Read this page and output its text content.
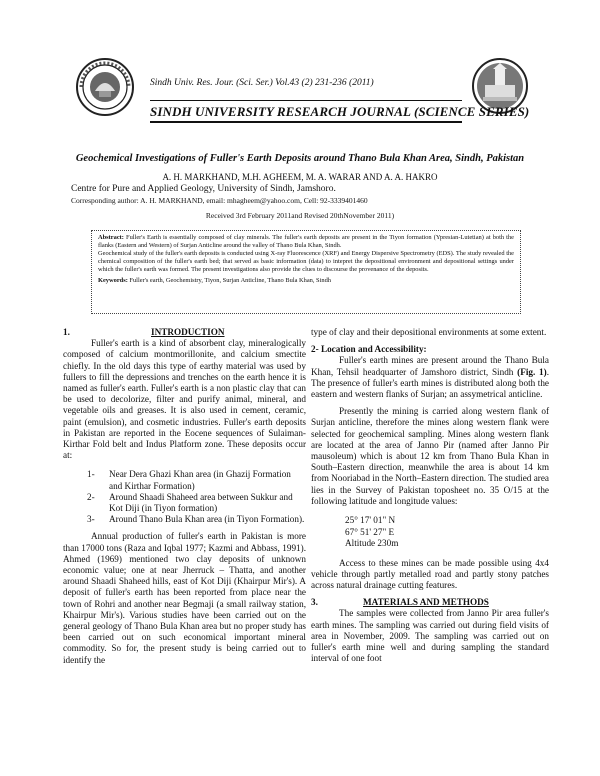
Sindh Univ. Res. Jour. (Sci. Ser.) Vol.43 (2) 231-236 (2011)
SINDH UNIVERSITY RESEARCH JOURNAL (SCIENCE SERIES)
Geochemical Investigations of Fuller's Earth Deposits around Thano Bula Khan Area, Sindh, Pakistan
A. H. MARKHAND, M.H. AGHEEM, M. A. WARAR AND A. A. HAKRO
Centre for Pure and Applied Geology, University of Sindh, Jamshoro.
Corresponding author: A. H. MARKHAND, email: mhagheem@yahoo.com, Cell: 92-3339401460
Received 3rd February 2011and Revised 20thNovember 2011)

Abstract: Fuller's Earth is essentially composed of clay minerals. The fuller's earth deposits are present in the Tiyon formation (Ypresian-Lutetian) at both the flanks (Eastern and Western) of Surjan Anticline around the valley of Thano Bula Khan, Sindh.

Geochemical study of the fuller's earth deposits is conducted using X-ray Fluorescence (XRF) and Energy Dispersive Spectrometry (EDS). The study revealed the chemical composition of the fuller's earth bed; that served as basic information (data) to intepret the depositional environment and depositional settings under which the fuller's earth was formed. The present investigations also provide the clues to discourse the provenance of the deposits.

Keywords: Fuller's earth, Geochemistry, Tiyon, Surjan Anticline, Thano Bula Khan, Sindh

1.	INTRODUCTION

Fuller's earth is a kind of absorbent clay, mineralogically composed of calcium montmorillonite, and calcium smectite chiefly. In the old days this type of earthy material was used by fullers to fill the depressions and trenches on the earth hence it is named as fuller's earth. Fuller's earth is a non plastic clay that can be used to decolorize, filter and purify animal, mineral, and vegetable oils and greases. It is also used in cement, ceramic, paint (emulsion), and cosmetic industries. Fuller's earth deposits in Pakistan are reported in the Eocene sequences of Sulaiman-Kirthar Fold belt and Indus Platform zone. These deposits occur at:

1-	Near Dera Ghazi Khan area (in Ghazij Formation and Kirthar Formation)
2-	Around Shaadi Shaheed area between Sukkur and Kot Diji (in Tiyon formation)
3-	Around Thano Bula Khan area (in Tiyon Formation).

Annual production of fuller's earth in Pakistan is more than 17000 tons (Raza and Iqbal 1977; Kazmi and Abbass, 1991). Ahmed (1969) mentioned two clay deposits of unknown economic value; one at near Jherruck – Thatta, and another around Shaadi Shaheed hills, east of Kot Diji (Khairpur Mir's). A deposit of fuller's earth has been reported from place near the town of Rohri and another near Begmaji (a small railway station, Khairpur Mir's). Various studies have been carried out on the general geology of Thano Bula Khan area but no proper study has been carried out on such economical important mineral commodity. So for, the present study is being carried out to identify the

type of clay and their depositional environments at some extent.

2- Location and Accessibility:

Fuller's earth mines are present around the Thano Bula Khan, Tehsil headquarter of Jamshoro district, Sindh (Fig. 1). The presence of fuller's earth mines is distributed along both the eastern and western flanks of Surjan; an assymetrical anticline.

Presently the mining is carried along western flank of Surjan anticline, therefore the mines along western flank were selected for geochemical sampling. Mines along western flank are located at the area of Janno Pir (named after Janno Pir mausoleum) which is about 12 km from Thano Bula Khan in South–Eastern direction, meanwhile the area is about 14 km from Nooriabad in the North–Eastern direction. The studied area lies in the Survey of Pakistan toposheet no. 35 O/15 at the following latitude and longitude values:

25° 17' 01" N
67° 51' 27" E
Altitude 230m

Access to these mines can be made possible using 4x4 vehicle through partly metalled road and partly stony patches across natural drainage cutting features.

3.	MATERIALS AND METHODS

The samples were collected from Janno Pir area fuller's earth mines. The sampling was carried out during field visits of area in November, 2009. The sampling was carried out on fuller's earth mine well and during sampling the standard interval of one foot
